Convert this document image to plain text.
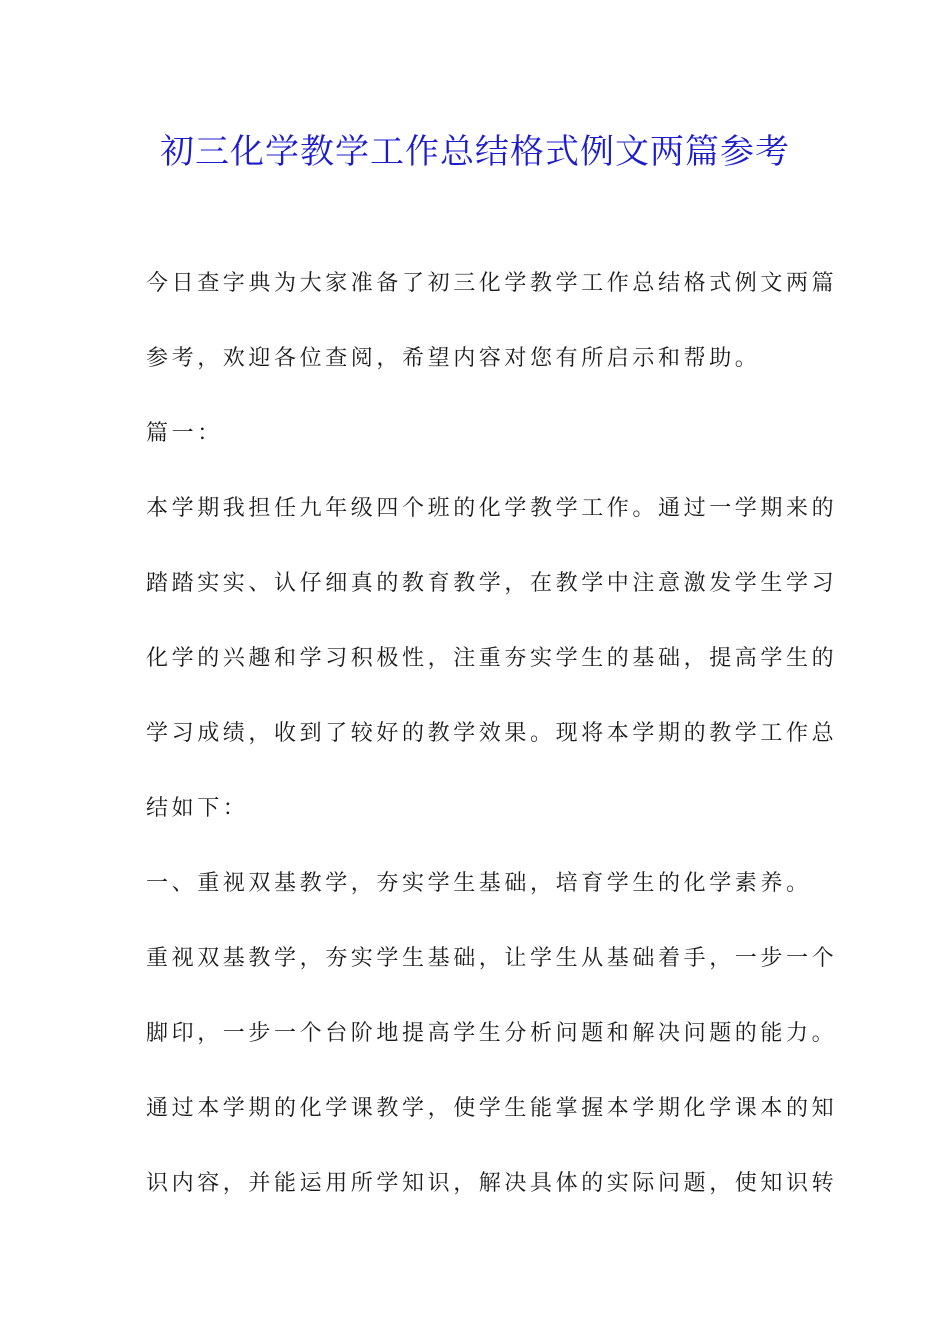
初三化学教学工作总结格式例文两篇参考
今日查字典为大家准备了初三化学教学工作总结格式例文两篇
参考，欢迎各位查阅，希望内容对您有所启示和帮助。
篇一：
本学期我担任九年级四个班的化学教学工作。通过一学期来的
踏踏实实、认仔细真的教育教学，在教学中注意激发学生学习
化学的兴趣和学习积极性，注重夯实学生的基础，提高学生的
学习成绩，收到了较好的教学效果。现将本学期的教学工作总
结如下：
一、重视双基教学，夯实学生基础，培育学生的化学素养。
重视双基教学，夯实学生基础，让学生从基础着手，一步一个
脚印，一步一个台阶地提高学生分析问题和解决问题的能力。
通过本学期的化学课教学，使学生能掌握本学期化学课本的知
识内容，并能运用所学知识，解决具体的实际问题，使知识转
